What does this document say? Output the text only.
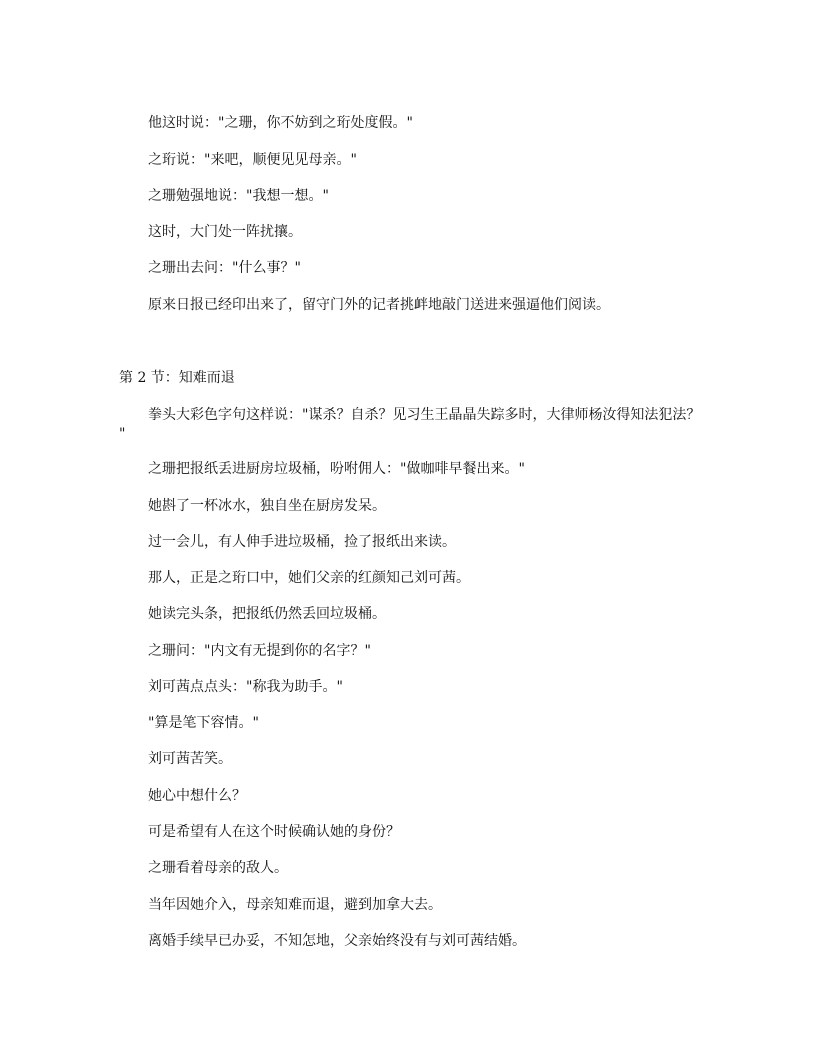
他这时说："之珊，你不妨到之珩处度假。"
之珩说："来吧，顺便见见母亲。"
之珊勉强地说："我想一想。"
这时，大门处一阵扰攘。
之珊出去问："什么事？"
原来日报已经印出来了，留守门外的记者挑衅地敲门送进来强逼他们阅读。
第 2 节：知难而退
拳头大彩色字句这样说："谋杀？自杀？见习生王晶晶失踪多时，大律师杨汝得知法犯法？
"
之珊把报纸丢进厨房垃圾桶，吩咐佣人："做咖啡早餐出来。"
她斟了一杯冰水，独自坐在厨房发呆。
过一会儿，有人伸手进垃圾桶，捡了报纸出来读。
那人，正是之珩口中，她们父亲的红颜知己刘可茜。
她读完头条，把报纸仍然丢回垃圾桶。
之珊问："内文有无提到你的名字？"
刘可茜点点头："称我为助手。"
"算是笔下容情。"
刘可茜苦笑。
她心中想什么？
可是希望有人在这个时候确认她的身份？
之珊看着母亲的敌人。
当年因她介入，母亲知难而退，避到加拿大去。
离婚手续早已办妥，不知怎地，父亲始终没有与刘可茜结婚。
